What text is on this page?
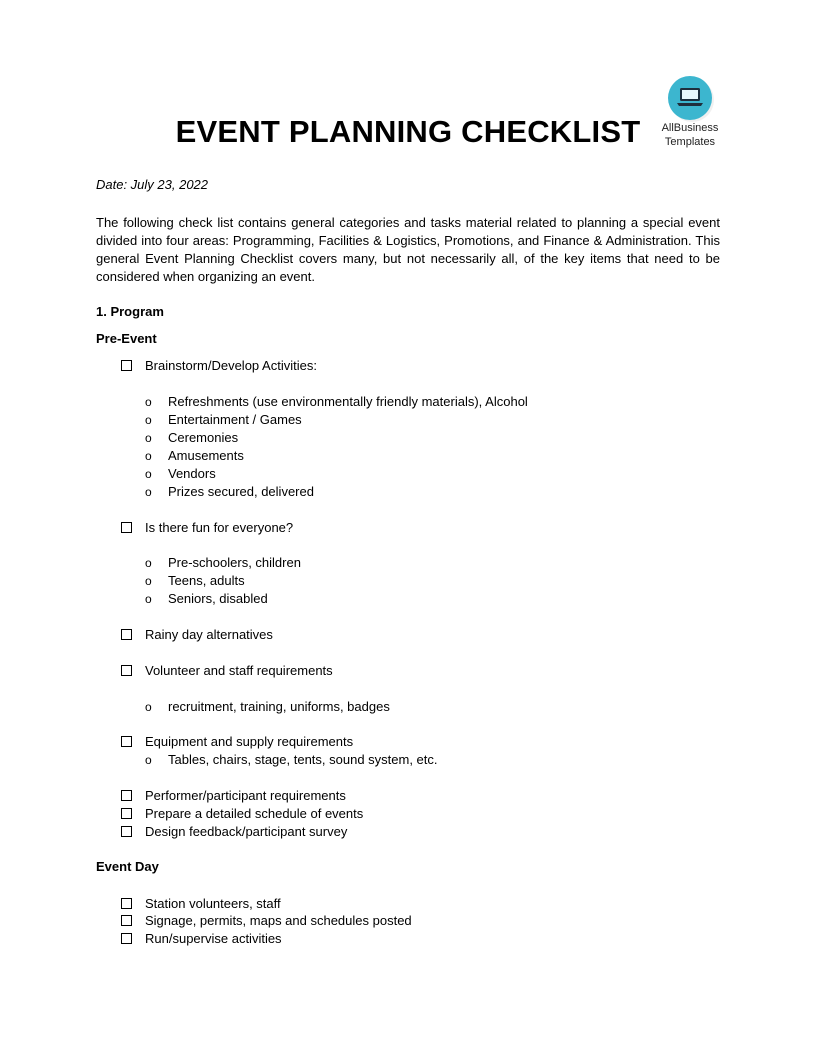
AllBusiness
Templates
EVENT PLANNING CHECKLIST
Date: July 23, 2022
The following check list contains general categories and tasks material related to planning a special event divided into four areas: Programming, Facilities & Logistics, Promotions, and Finance & Administration. This general Event Planning Checklist covers many, but not necessarily all, of the key items that need to be considered when organizing an event.
1. Program
Pre-Event
Brainstorm/Develop Activities:
o Refreshments (use environmentally friendly materials), Alcohol
o Entertainment / Games
o Ceremonies
o Amusements
o Vendors
o Prizes secured, delivered
Is there fun for everyone?
o Pre-schoolers, children
o Teens, adults
o Seniors, disabled
Rainy day alternatives
Volunteer and staff requirements
o recruitment, training, uniforms, badges
Equipment and supply requirements
o Tables, chairs, stage, tents, sound system, etc.
Performer/participant requirements
Prepare a detailed schedule of events
Design feedback/participant survey
Event Day
Station volunteers, staff
Signage, permits, maps and schedules posted
Run/supervise activities
